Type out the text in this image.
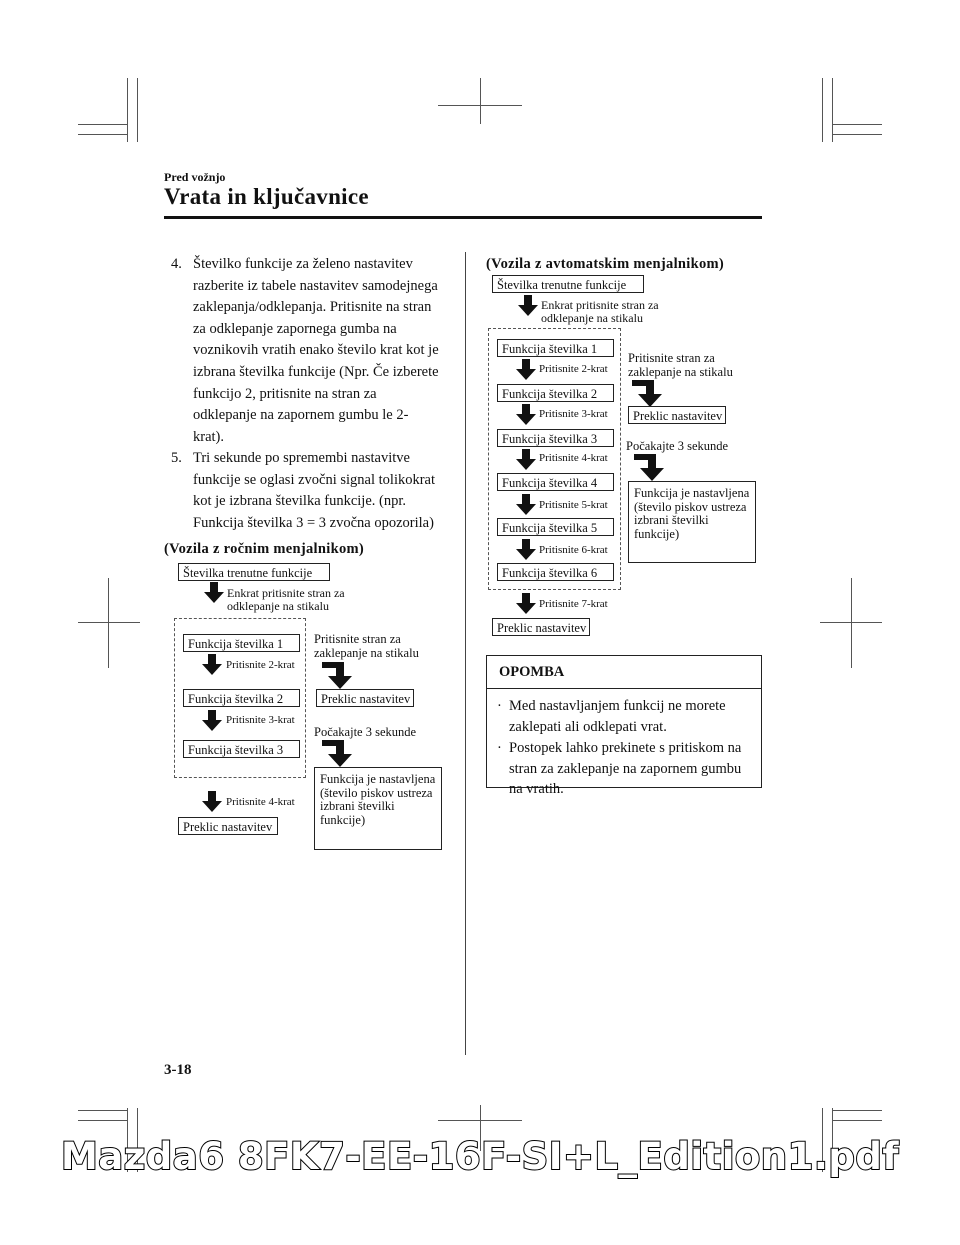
Pred vožnjo
Vrata in ključavnice
4. Številko funkcije za želeno nastavitev razberite iz tabele nastavitev samodejnega zaklepanja/odklepanja. Pritisnite na stran za odklepanje zapornega gumba na voznikovih vratih enako število krat kot je izbrana številka funkcije (Npr. Če izberete funkcijo 2, pritisnite na stran za odklepanje na zapornem gumbu le 2-krat).
5. Tri sekunde po spremembi nastavitve funkcije se oglasi zvočni signal tolikokrat kot je izbrana številka funkcije. (npr. Funkcija številka 3 = 3 zvočna opozorila)
(Vozila z ročnim menjalnikom)
Številka trenutne funkcije
Enkrat pritisnite stran za odklepanje na stikalu
Funkcija številka 1
Pritisnite 2-krat
Funkcija številka 2
Pritisnite 3-krat
Funkcija številka 3
Pritisnite 4-krat
Preklic nastavitev
Pritisnite stran za zaklepanje na stikalu
Preklic nastavitev
Počakajte 3 sekunde
Funkcija je nastavljena (število piskov ustreza izbrani številki funkcije)
(Vozila z avtomatskim menjalnikom)
Številka trenutne funkcije
Enkrat pritisnite stran za odklepanje na stikalu
Funkcija številka 1
Pritisnite 2-krat
Funkcija številka 2
Pritisnite 3-krat
Funkcija številka 3
Pritisnite 4-krat
Funkcija številka 4
Pritisnite 5-krat
Funkcija številka 5
Pritisnite 6-krat
Funkcija številka 6
Pritisnite 7-krat
Preklic nastavitev
Pritisnite stran za zaklepanje na stikalu
Preklic nastavitev
Počakajte 3 sekunde
Funkcija je nastavljena (število piskov ustreza izbrani številki funkcije)
OPOMBA
· Med nastavljanjem funkcij ne morete zaklepati ali odklepati vrat.
· Postopek lahko prekinete s pritiskom na stran za zaklepanje na zapornem gumbu na vratih.
3-18
Mazda6 8FK7-EE-16F-SI+L_Edition1.pdf
